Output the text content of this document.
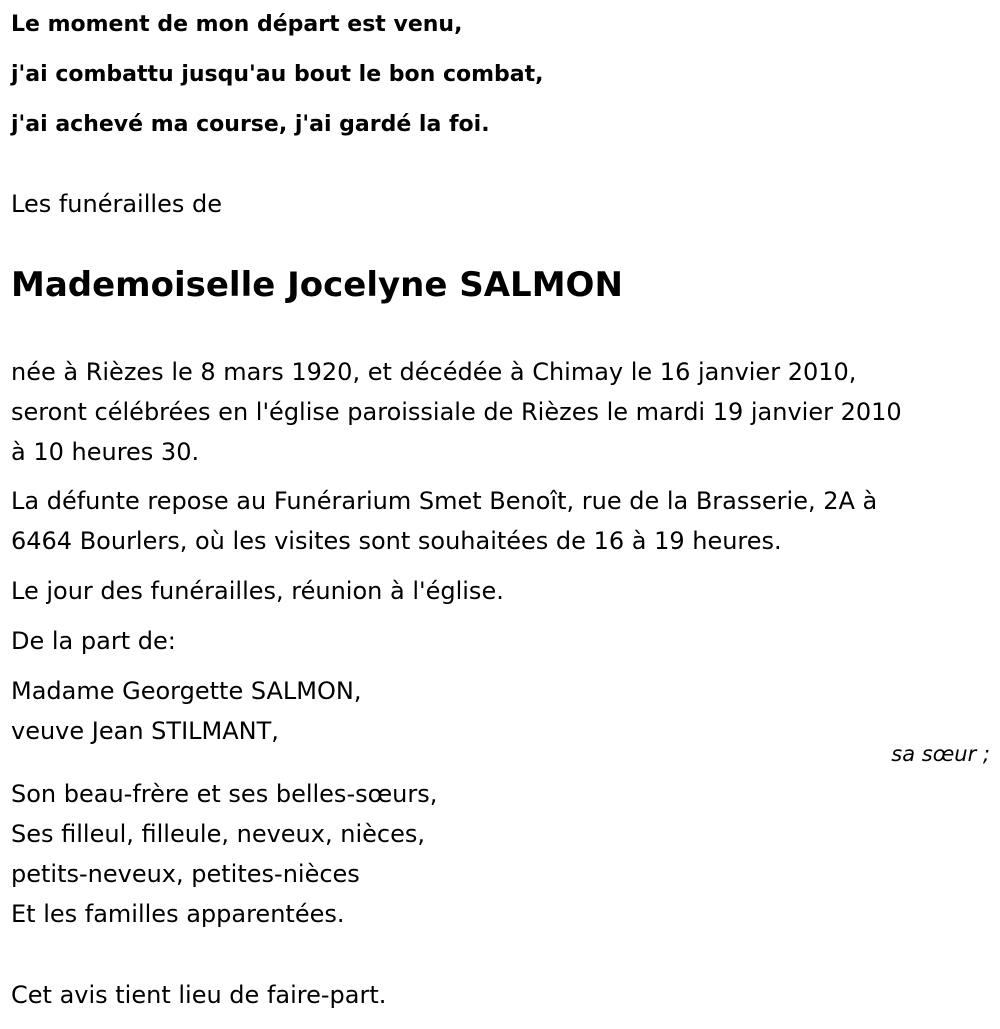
Le moment de mon départ est venu,

j'ai combattu jusqu'au bout le bon combat,

j'ai achevé ma course, j'ai gardé la foi.

Les funérailles de

Mademoiselle Jocelyne SALMON

née à Rièzes le 8 mars 1920, et décédée à Chimay le 16 janvier 2010,

seront célébrées en l'église paroissiale de Rièzes le mardi 19 janvier 2010

à 10 heures 30.

La défunte repose au Funérarium Smet Benoît, rue de la Brasserie, 2A à

6464 Bourlers, où les visites sont souhaitées de 16 à 19 heures.

Le jour des funérailles, réunion à l'église.

De la part de:

Madame Georgette SALMON,

veuve Jean STILMANT,

sa sœur ;

Son beau-frère et ses belles-sœurs,

Ses filleul, filleule, neveux, nièces,

petits-neveux, petites-nièces

Et les familles apparentées.

Cet avis tient lieu de faire-part.
